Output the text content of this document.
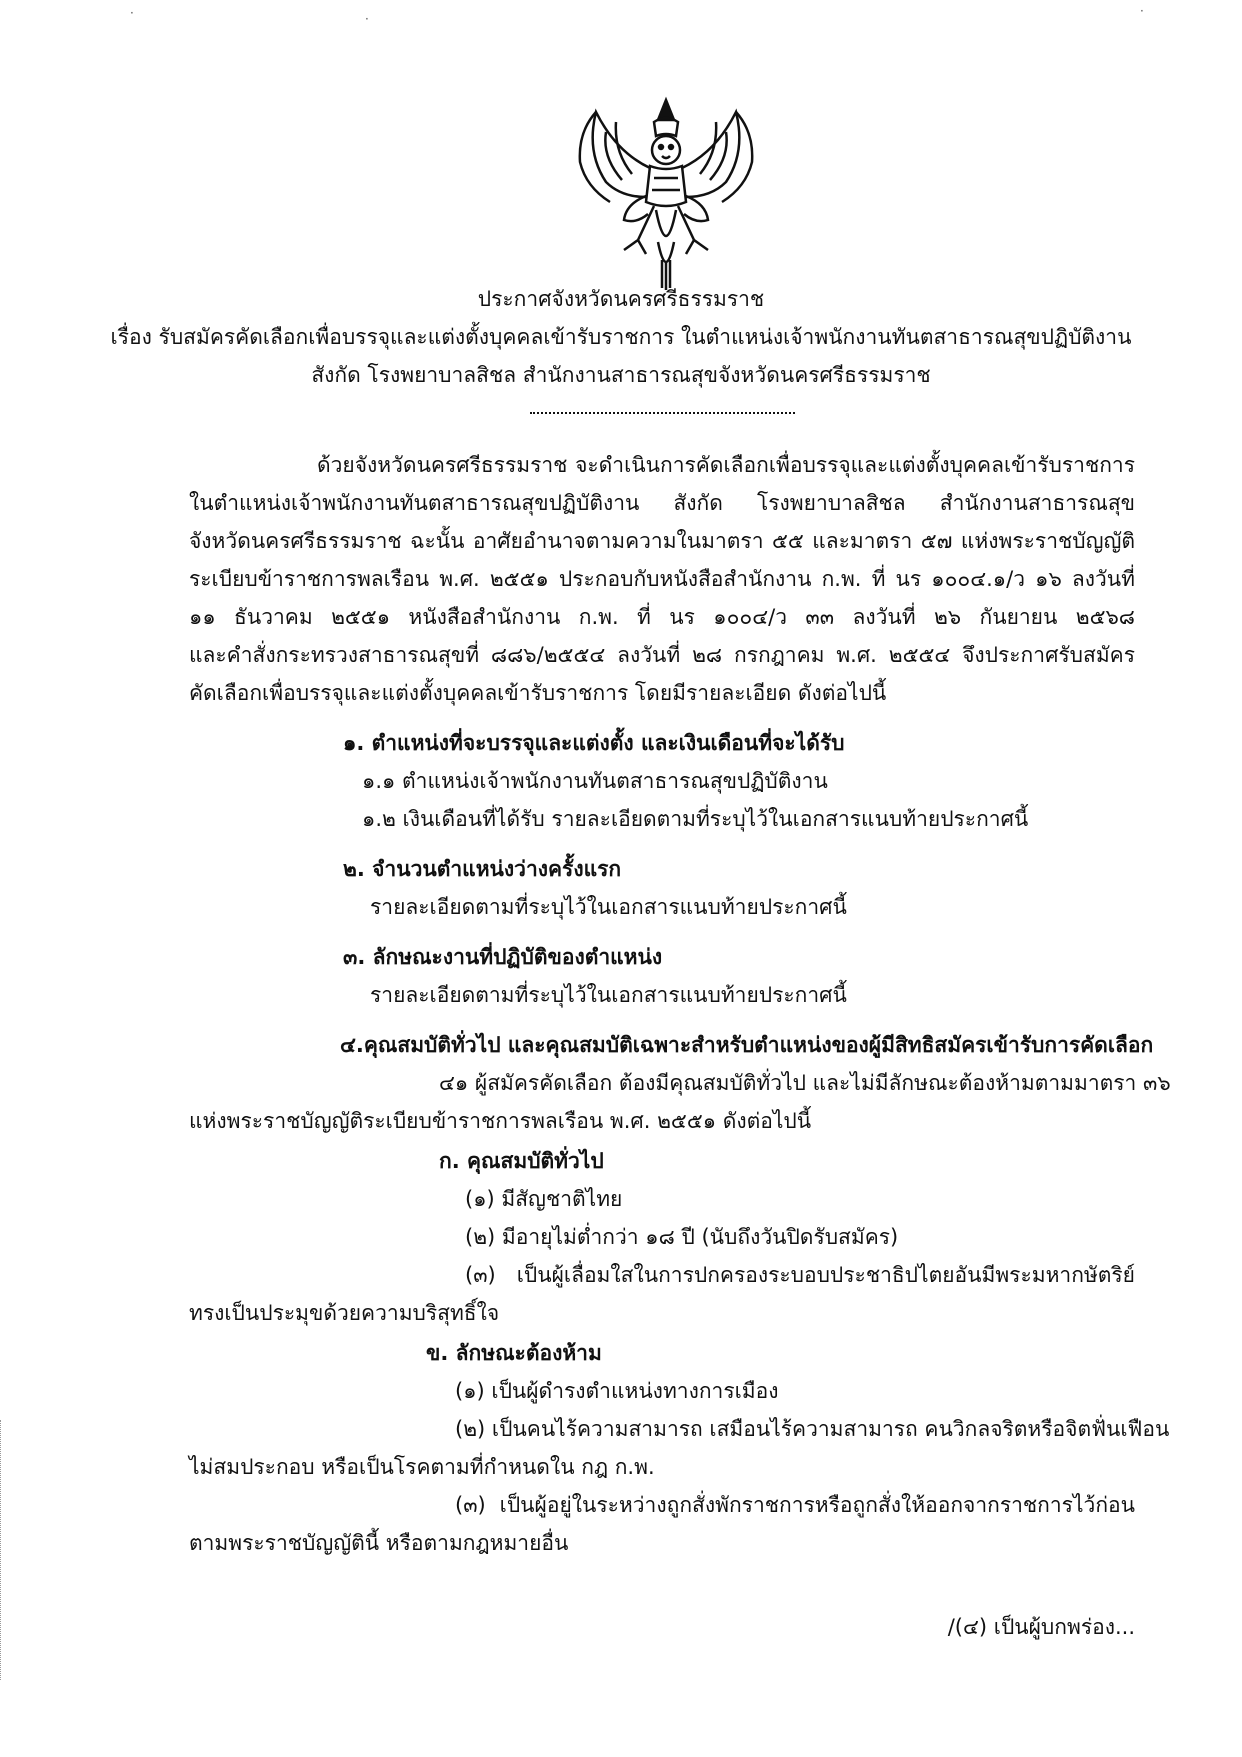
ประกาศจังหวัดนครศรีธรรมราช
เรื่อง รับสมัครคัดเลือกเพื่อบรรจุและแต่งตั้งบุคคลเข้ารับราชการ ในตำแหน่งเจ้าพนักงานทันตสาธารณสุขปฏิบัติงาน
สังกัด โรงพยาบาลสิชล สำนักงานสาธารณสุขจังหวัดนครศรีธรรมราช
ด้วยจังหวัดนครศรีธรรมราช จะดำเนินการคัดเลือกเพื่อบรรจุและแต่งตั้งบุคคลเข้ารับราชการ
ในตำแหน่งเจ้าพนักงานทันตสาธารณสุขปฏิบัติงาน สังกัด โรงพยาบาลสิชล สำนักงานสาธารณสุข
จังหวัดนครศรีธรรมราช ฉะนั้น อาศัยอำนาจตามความในมาตรา ๕๕ และมาตรา ๕๗ แห่งพระราชบัญญัติ
ระเบียบข้าราชการพลเรือน พ.ศ. ๒๕๕๑ ประกอบกับหนังสือสำนักงาน ก.พ. ที่ นร ๑๐๐๔.๑/ว ๑๖ ลงวันที่
๑๑ ธันวาคม ๒๕๕๑ หนังสือสำนักงาน ก.พ. ที่ นร ๑๐๐๔/ว ๓๓ ลงวันที่ ๒๖ กันยายน ๒๕๖๘
และคำสั่งกระทรวงสาธารณสุขที่ ๘๘๖/๒๕๕๔ ลงวันที่ ๒๘ กรกฎาคม พ.ศ. ๒๕๕๔ จึงประกาศรับสมัคร
คัดเลือกเพื่อบรรจุและแต่งตั้งบุคคลเข้ารับราชการ โดยมีรายละเอียด ดังต่อไปนี้
๑. ตำแหน่งที่จะบรรจุและแต่งตั้ง และเงินเดือนที่จะได้รับ
๑.๑ ตำแหน่งเจ้าพนักงานทันตสาธารณสุขปฏิบัติงาน
๑.๒ เงินเดือนที่ได้รับ รายละเอียดตามที่ระบุไว้ในเอกสารแนบท้ายประกาศนี้
๒. จำนวนตำแหน่งว่างครั้งแรก
รายละเอียดตามที่ระบุไว้ในเอกสารแนบท้ายประกาศนี้
๓. ลักษณะงานที่ปฏิบัติของตำแหน่ง
รายละเอียดตามที่ระบุไว้ในเอกสารแนบท้ายประกาศนี้
๔.คุณสมบัติทั่วไป และคุณสมบัติเฉพาะสำหรับตำแหน่งของผู้มีสิทธิสมัครเข้ารับการคัดเลือก
๔๑ ผู้สมัครคัดเลือก ต้องมีคุณสมบัติทั่วไป และไม่มีลักษณะต้องห้ามตามมาตรา ๓๖
แห่งพระราชบัญญัติระเบียบข้าราชการพลเรือน พ.ศ. ๒๕๕๑ ดังต่อไปนี้
ก. คุณสมบัติทั่วไป
(๑) มีสัญชาติไทย
(๒) มีอายุไม่ต่ำกว่า ๑๘ ปี (นับถึงวันปิดรับสมัคร)
(๓) เป็นผู้เลื่อมใสในการปกครองระบอบประชาธิปไตยอันมีพระมหากษัตริย์
ทรงเป็นประมุขด้วยความบริสุทธิ์ใจ
ข. ลักษณะต้องห้าม
(๑) เป็นผู้ดำรงตำแหน่งทางการเมือง
(๒) เป็นคนไร้ความสามารถ เสมือนไร้ความสามารถ คนวิกลจริตหรือจิตฟั่นเฟือน
ไม่สมประกอบ หรือเป็นโรคตามที่กำหนดใน กฎ ก.พ.
(๓) เป็นผู้อยู่ในระหว่างถูกสั่งพักราชการหรือถูกสั่งให้ออกจากราชการไว้ก่อน
ตามพระราชบัญญัตินี้ หรือตามกฎหมายอื่น
/(๔) เป็นผู้บกพร่อง...
·	·
·
